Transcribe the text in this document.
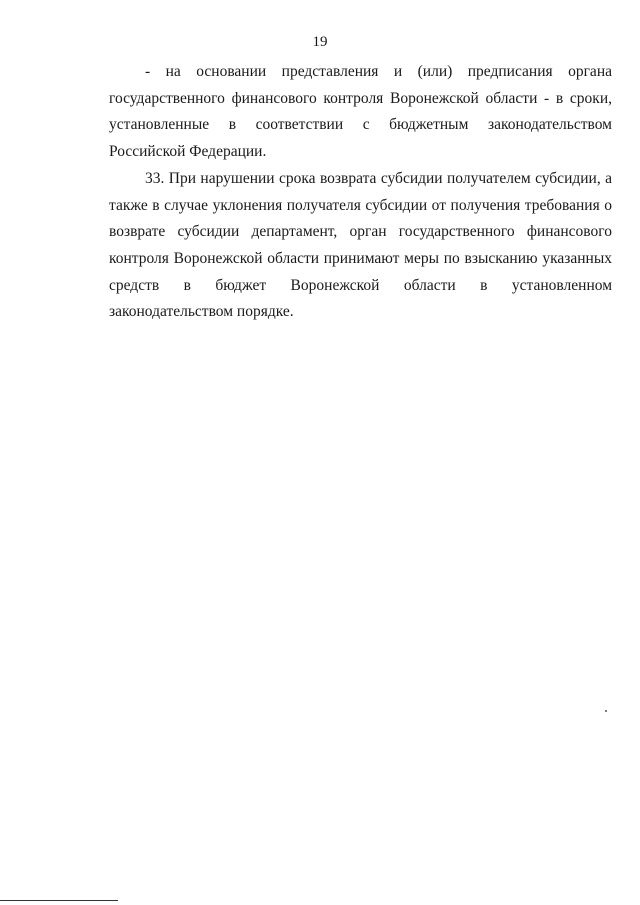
19

- на основании представления и (или) предписания органа государственного финансового контроля Воронежской области - в сроки, установленные в соответствии с бюджетным законодательством Российской Федерации.

33. При нарушении срока возврата субсидии получателем субсидии, а также в случае уклонения получателя субсидии от получения требования о возврате субсидии департамент, орган государственного финансового контроля Воронежской области принимают меры по взысканию указанных средств в бюджет Воронежской области в установленном законодательством порядке.
